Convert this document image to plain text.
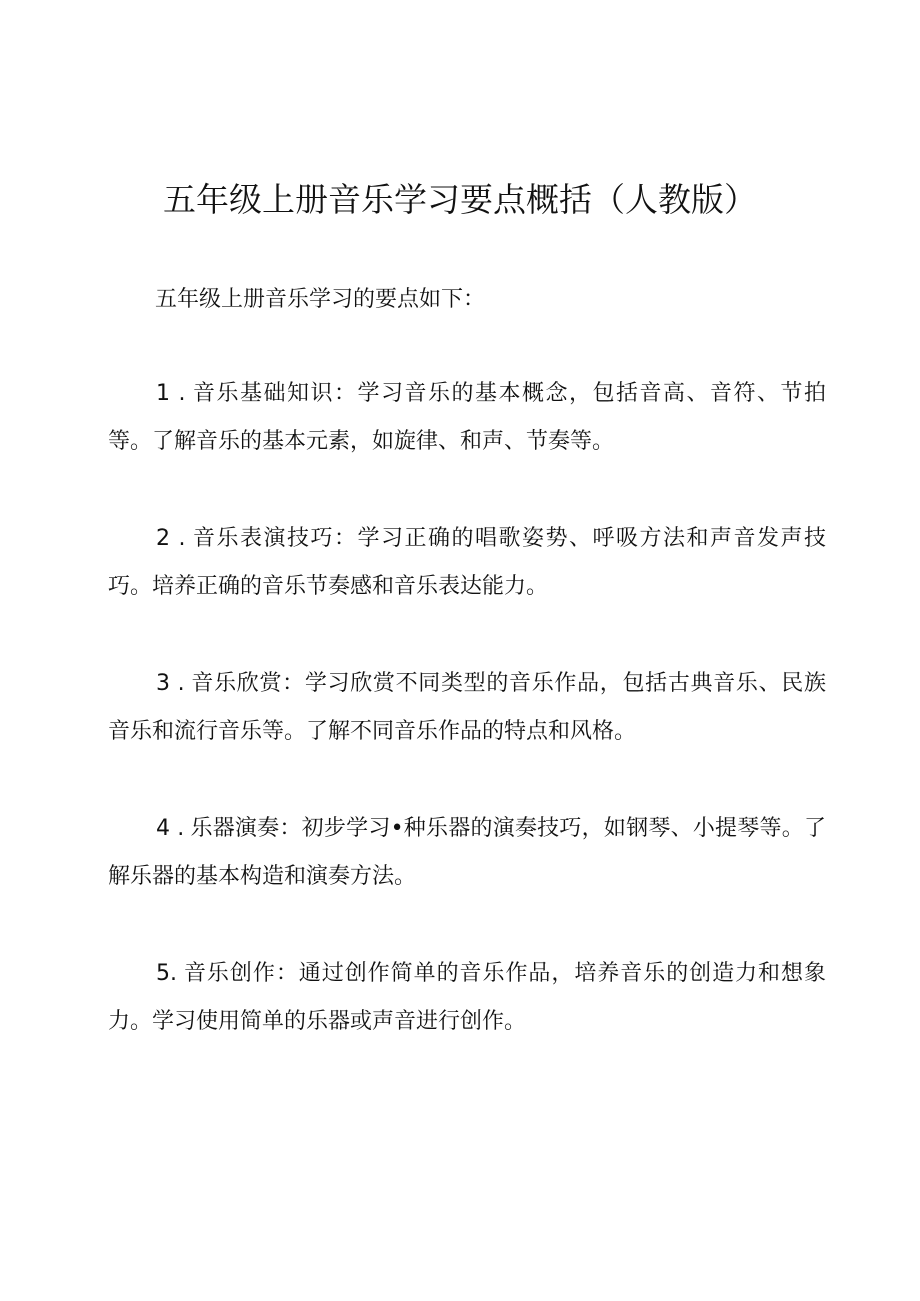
五年级上册音乐学习要点概括（人教版）

五年级上册音乐学习的要点如下：

1 . 音乐基础知识：学习音乐的基本概念，包括音高、音符、节拍等。了解音乐的基本元素，如旋律、和声、节奏等。

2 . 音乐表演技巧：学习正确的唱歌姿势、呼吸方法和声音发声技巧。培养正确的音乐节奏感和音乐表达能力。

3 . 音乐欣赏：学习欣赏不同类型的音乐作品，包括古典音乐、民族音乐和流行音乐等。了解不同音乐作品的特点和风格。

4 . 乐器演奏：初步学习•种乐器的演奏技巧，如钢琴、小提琴等。了解乐器的基本构造和演奏方法。

5. 音乐创作：通过创作简单的音乐作品，培养音乐的创造力和想象力。学习使用简单的乐器或声音进行创作。
